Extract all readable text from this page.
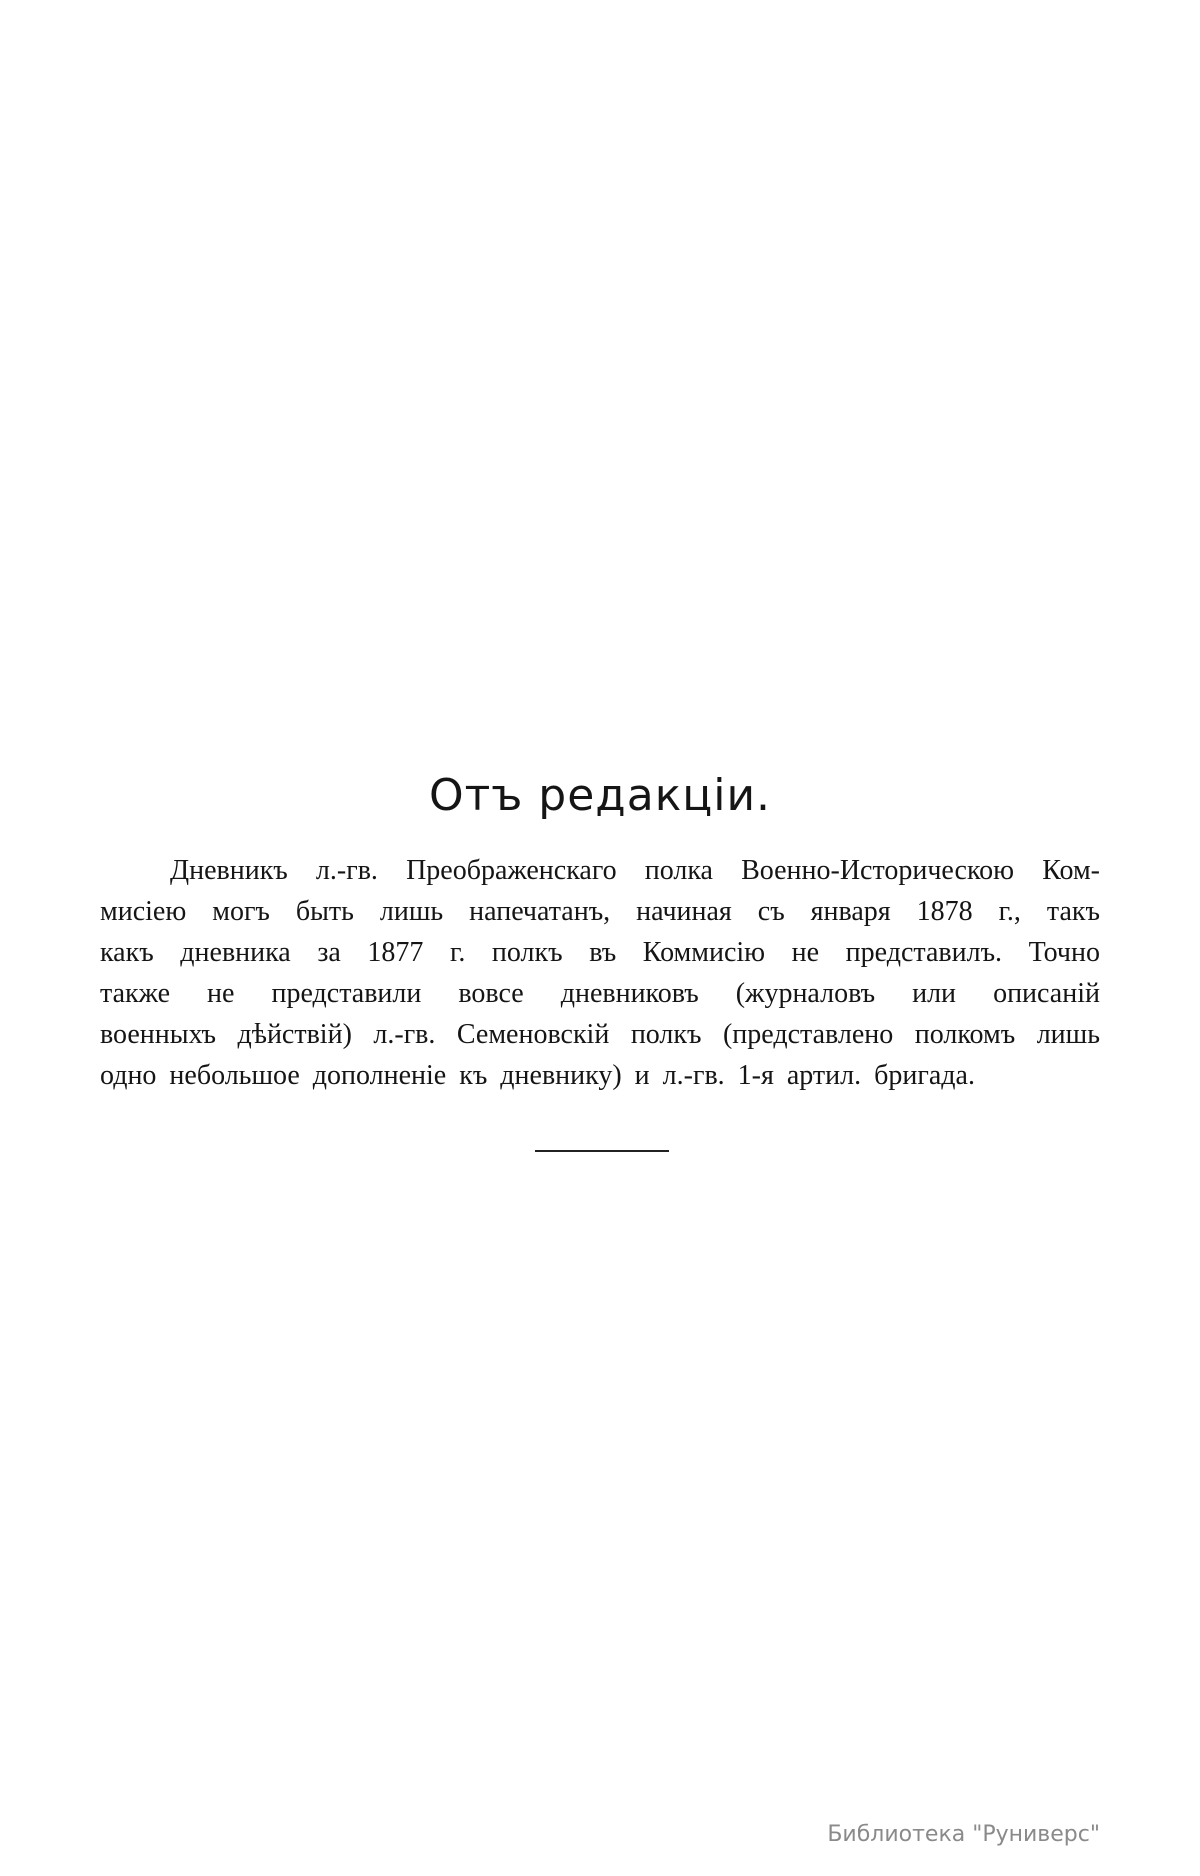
Отъ редакціи.
Дневникъ л.-гв. Преображенскаго полка Военно-Историческою Ком-
мисіею могъ быть лишь напечатанъ, начиная съ января 1878 г., такъ
какъ дневника за 1877 г. полкъ въ Коммисію не представилъ. Точно
также не представили вовсе дневниковъ (журналовъ или описаній
военныхъ дѣйствій) л.-гв. Семеновскій полкъ (представлено полкомъ лишь
одно небольшое дополненіе къ дневнику) и л.-гв. 1-я артил. бригада.
Библиотека "Руниверс"
